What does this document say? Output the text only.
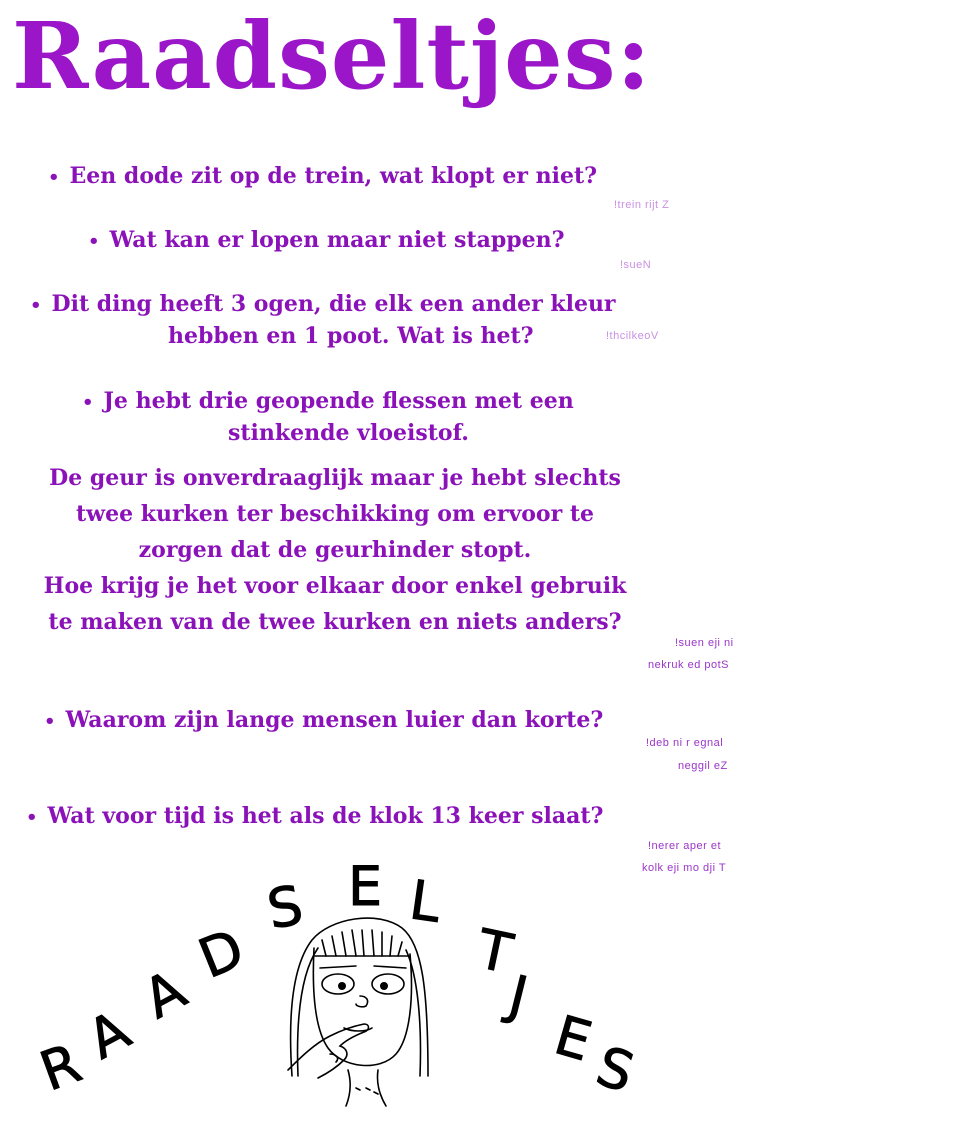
Raadseltjes:
• Een dode zit op de trein, wat klopt er niet?
!trein rijt Z
• Wat kan er lopen maar niet stappen?
!sueN
• Dit ding heeft 3 ogen, die elk een ander kleur
hebben en 1 poot. Wat is het?	!thcilkeoV
• Je hebt drie geopende flessen met een
stinkende vloeistof.
De geur is onverdraaglijk maar je hebt slechts
twee kurken ter beschikking om ervoor te
zorgen dat de geurhinder stopt.
Hoe krijg je het voor elkaar door enkel gebruik
te maken van de twee kurken en niets anders?
!suen eji ni
nekruk ed potS
• Waarom zijn lange mensen luier dan korte?
!deb ni r egnal
neggil eZ
• Wat voor tijd is het als de klok 13 keer slaat?
!nerer aper et
kolk eji mo dji T
R
A
A
D
S E L
T
J
E
S
